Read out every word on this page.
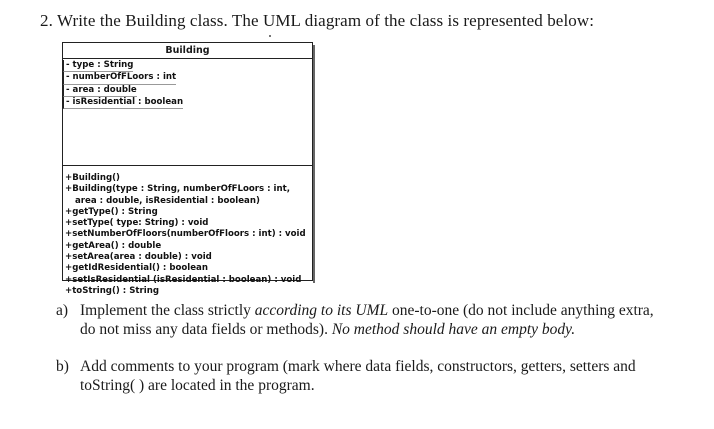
2. Write the Building class. The UML diagram of the class is represented below:
Building
- type : String
- numberOfFLoors : int
- area : double
- isResidential : boolean
+Building()
+Building(type : String, numberOfFLoors : int,
area : double, isResidential : boolean)
+getType() : String
+setType( type: String) : void
+setNumberOfFloors(numberOfFloors : int) : void
+getArea() : double
+setArea(area : double) : void
+getIdResidential() : boolean
+setIsResidential (isResidential : boolean) : void
+toString() : String
a) Implement the class strictly according to its UML one-to-one (do not include anything extra,
do not miss any data fields or methods). No method should have an empty body.
b) Add comments to your program (mark where data fields, constructors, getters, setters and
toString( ) are located in the program.
